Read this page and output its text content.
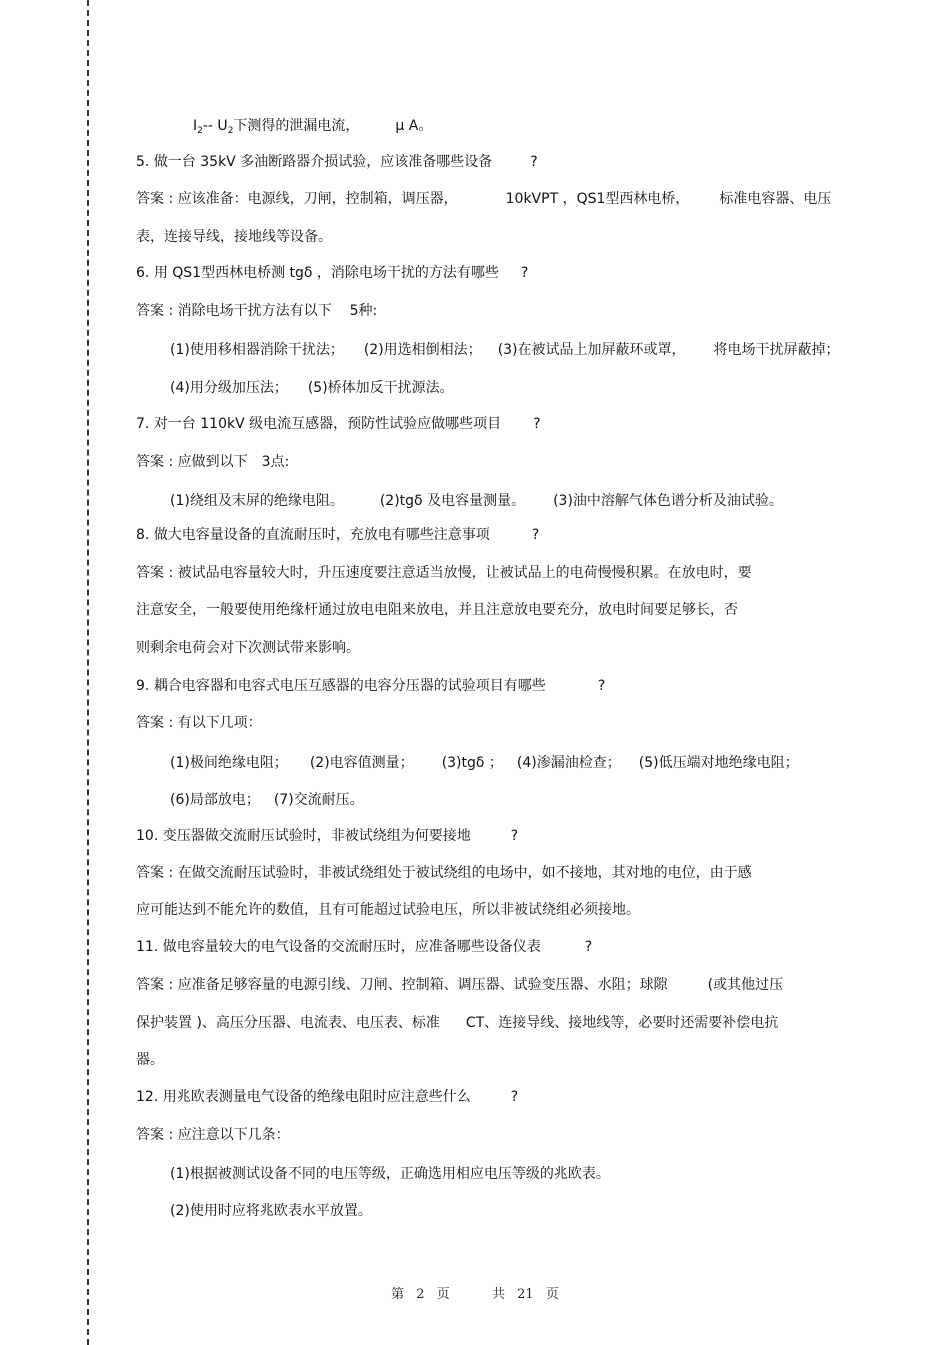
$I_2--$ $U_2$下测得的泄漏电流，	μ A。
5. 做一台 35kV 多油断路器介损试验，应该准备哪些设备	?
答案 : 应该准备：电源线，刀闸，控制箱，调压器，	10kVPT ，QS1型西林电桥， 标准电容器、电压
表，连接导线，接地线等设备。
6. 用 QS1型西林电桥测 tgδ ，消除电场干扰的方法有哪些 ?
答案 : 消除电场干扰方法有以下 5种:
(1)使用移相器消除干扰法； (2)用选相倒相法； (3)在被试品上加屏蔽环或罩， 将电场干扰屏蔽掉；
(4)用分级加压法； (5)桥体加反干扰源法。
7. 对一台 110kV 级电流互感器，预防性试验应做哪些项目 ?
答案 : 应做到以下 3点:
(1)绕组及末屏的绝缘电阻。	(2)tgδ 及电容量测量。 (3)油中溶解气体色谱分析及油试验。
8. 做大电容量设备的直流耐压时，充放电有哪些注意事项	?
答案 : 被试品电容量较大时，升压速度要注意适当放慢，让被试品上的电荷慢慢积累。在放电时，要
注意安全，一般要使用绝缘杆通过放电电阻来放电，并且注意放电要充分，放电时间要足够长，否
则剩余电荷会对下次测试带来影响。
9. 耦合电容器和电容式电压互感器的电容分压器的试验项目有哪些	?
答案 : 有以下几项：
(1)极间绝缘电阻； (2)电容值测量； (3)tgδ ； (4)渗漏油检查； (5)低压端对地绝缘电阻；
(6)局部放电； (7)交流耐压。
10. 变压器做交流耐压试验时，非被试绕组为何要接地	?
答案 : 在做交流耐压试验时，非被试绕组处于被试绕组的电场中，如不接地，其对地的电位，由于感
应可能达到不能允许的数值，且有可能超过试验电压，所以非被试绕组必须接地。
11. 做电容量较大的电气设备的交流耐压时，应准备哪些设备仪表	?
答案 : 应准备足够容量的电源引线、刀闸、控制箱、调压器、试验变压器、水阻；球隙	(或其他过压
保护装置 )、高压分压器、电流表、电压表、标准 CT、连接导线、接地线等，必要时还需要补偿电抗
器。
12. 用兆欧表测量电气设备的绝缘电阻时应注意些什么	?
答案 : 应注意以下几条：
(1)根据被测试设备不同的电压等级，正确选用相应电压等级的兆欧表。
(2)使用时应将兆欧表水平放置。
第 2 页	共 21 页
